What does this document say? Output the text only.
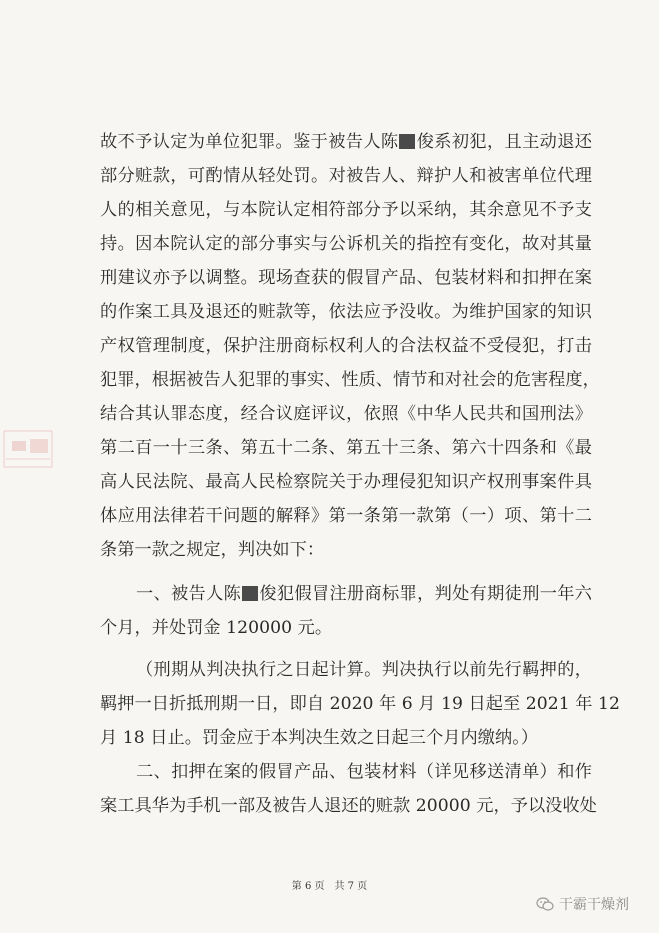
故不予认定为单位犯罪。鉴于被告人陈 俊系初犯，且主动退还
部分赃款，可酌情从轻处罚。对被告人、辩护人和被害单位代理
人的相关意见，与本院认定相符部分予以采纳，其余意见不予支
持。因本院认定的部分事实与公诉机关的指控有变化，故对其量
刑建议亦予以调整。现场查获的假冒产品、包装材料和扣押在案
的作案工具及退还的赃款等，依法应予没收。为维护国家的知识
产权管理制度，保护注册商标权利人的合法权益不受侵犯，打击
犯罪，根据被告人犯罪的事实、性质、情节和对社会的危害程度，
结合其认罪态度，经合议庭评议，依照《中华人民共和国刑法》
第二百一十三条、第五十二条、第五十三条、第六十四条和《最
高人民法院、最高人民检察院关于办理侵犯知识产权刑事案件具
体应用法律若干问题的解释》第一条第一款第（一）项、第十二
条第一款之规定，判决如下：
一、被告人陈 俊犯假冒注册商标罪，判处有期徒刑一年六
个月，并处罚金 120000 元。
（刑期从判决执行之日起计算。判决执行以前先行羁押的，
羁押一日折抵刑期一日，即自 2020 年 6 月 19 日起至 2021 年 12
月 18 日止。罚金应于本判决生效之日起三个月内缴纳。）
二、扣押在案的假冒产品、包装材料（详见移送清单）和作
案工具华为手机一部及被告人退还的赃款 20000 元，予以没收处
第 6 页　共 7 页
干霸干燥剂
